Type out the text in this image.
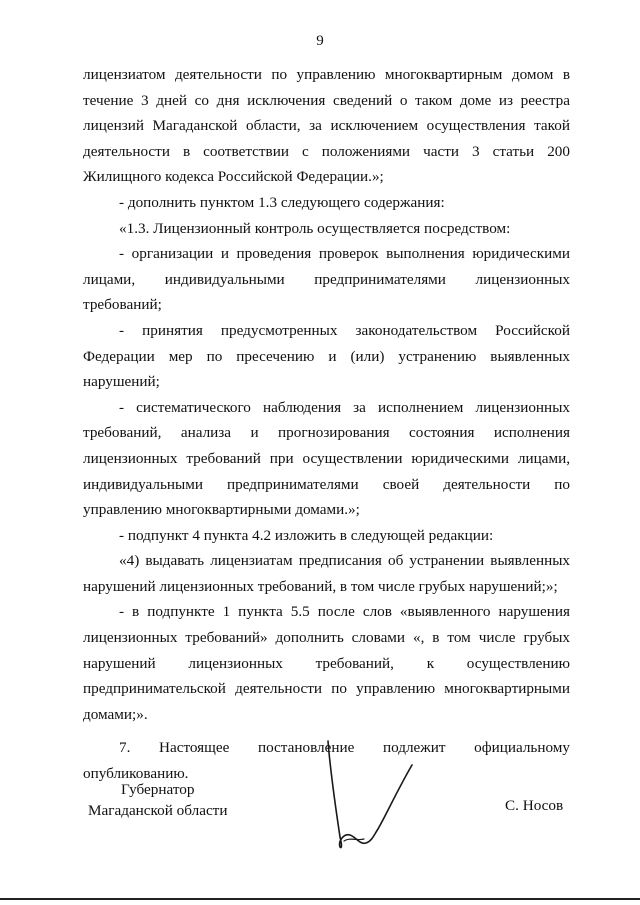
9

лицензиатом деятельности по управлению многоквартирным домом в течение 3 дней со дня исключения сведений о таком доме из реестра лицензий Магаданской области, за исключением осуществления такой деятельности в соответствии с положениями части 3 статьи 200 Жилищного кодекса Российской Федерации.»;

- дополнить пунктом 1.3 следующего содержания:

«1.3. Лицензионный контроль осуществляется посредством:

- организации и проведения проверок выполнения юридическими лицами, индивидуальными предпринимателями лицензионных требований;

- принятия предусмотренных законодательством Российской Федерации мер по пресечению и (или) устранению выявленных нарушений;

- систематического наблюдения за исполнением лицензионных требований, анализа и прогнозирования состояния исполнения лицензионных требований при осуществлении юридическими лицами, индивидуальными предпринимателями своей деятельности по управлению многоквартирными домами.»;

- подпункт 4 пункта 4.2 изложить в следующей редакции:

«4) выдавать лицензиатам предписания об устранении выявленных нарушений лицензионных требований, в том числе грубых нарушений;»;

- в подпункте 1 пункта 5.5 после слов «выявленного нарушения лицензионных требований» дополнить словами «, в том числе грубых нарушений лицензионных требований, к осуществлению предпринимательской деятельности по управлению многоквартирными домами;».

7. Настоящее постановление подлежит официальному опубликованию.

Губернатор
Магаданской области	С. Носов
